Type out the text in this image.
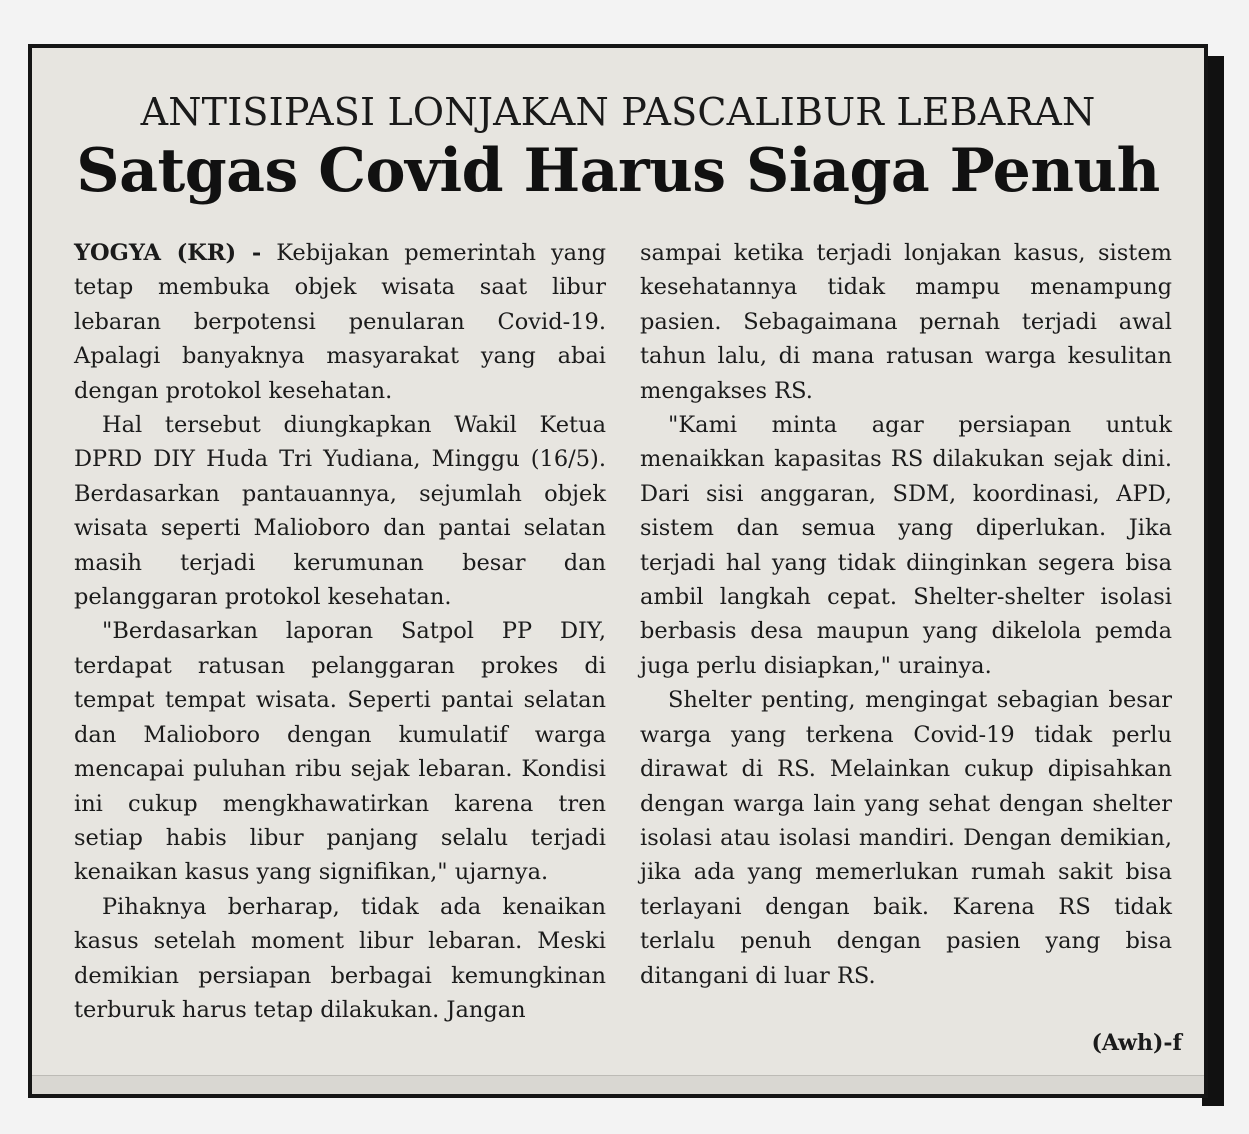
ANTISIPASI LONJAKAN PASCALIBUR LEBARAN
Satgas Covid Harus Siaga Penuh

YOGYA (KR) - Kebijakan pemerintah yang tetap membuka objek wisata saat libur lebaran berpotensi penularan Covid-19. Apalagi banyaknya masyarakat yang abai dengan protokol kesehatan.

Hal tersebut diungkapkan Wakil Ketua DPRD DIY Huda Tri Yudiana, Minggu (16/5). Berdasarkan pantauannya, sejumlah objek wisata seperti Malioboro dan pantai selatan masih terjadi kerumunan besar dan pelanggaran protokol kesehatan.

"Berdasarkan laporan Satpol PP DIY, terdapat ratusan pelanggaran prokes di tempat tempat wisata. Seperti pantai selatan dan Malioboro dengan kumulatif warga mencapai puluhan ribu sejak lebaran. Kondisi ini cukup mengkhawatirkan karena tren setiap habis libur panjang selalu terjadi kenaikan kasus yang signifikan," ujarnya.

Pihaknya berharap, tidak ada kenaikan kasus setelah moment libur lebaran. Meski demikian persiapan berbagai kemungkinan terburuk harus tetap dilakukan. Jangan

sampai ketika terjadi lonjakan kasus, sistem kesehatannya tidak mampu menampung pasien. Sebagaimana pernah terjadi awal tahun lalu, di mana ratusan warga kesulitan mengakses RS.

"Kami minta agar persiapan untuk menaikkan kapasitas RS dilakukan sejak dini. Dari sisi anggaran, SDM, koordinasi, APD, sistem dan semua yang diperlukan. Jika terjadi hal yang tidak diinginkan segera bisa ambil langkah cepat. Shelter-shelter isolasi berbasis desa maupun yang dikelola pemda juga perlu disiapkan," urainya.

Shelter penting, mengingat sebagian besar warga yang terkena Covid-19 tidak perlu dirawat di RS. Melainkan cukup dipisahkan dengan warga lain yang sehat dengan shelter isolasi atau isolasi mandiri. Dengan demikian, jika ada yang memerlukan rumah sakit bisa terlayani dengan baik. Karena RS tidak terlalu penuh dengan pasien yang bisa ditangani di luar RS.

(Awh)-f
